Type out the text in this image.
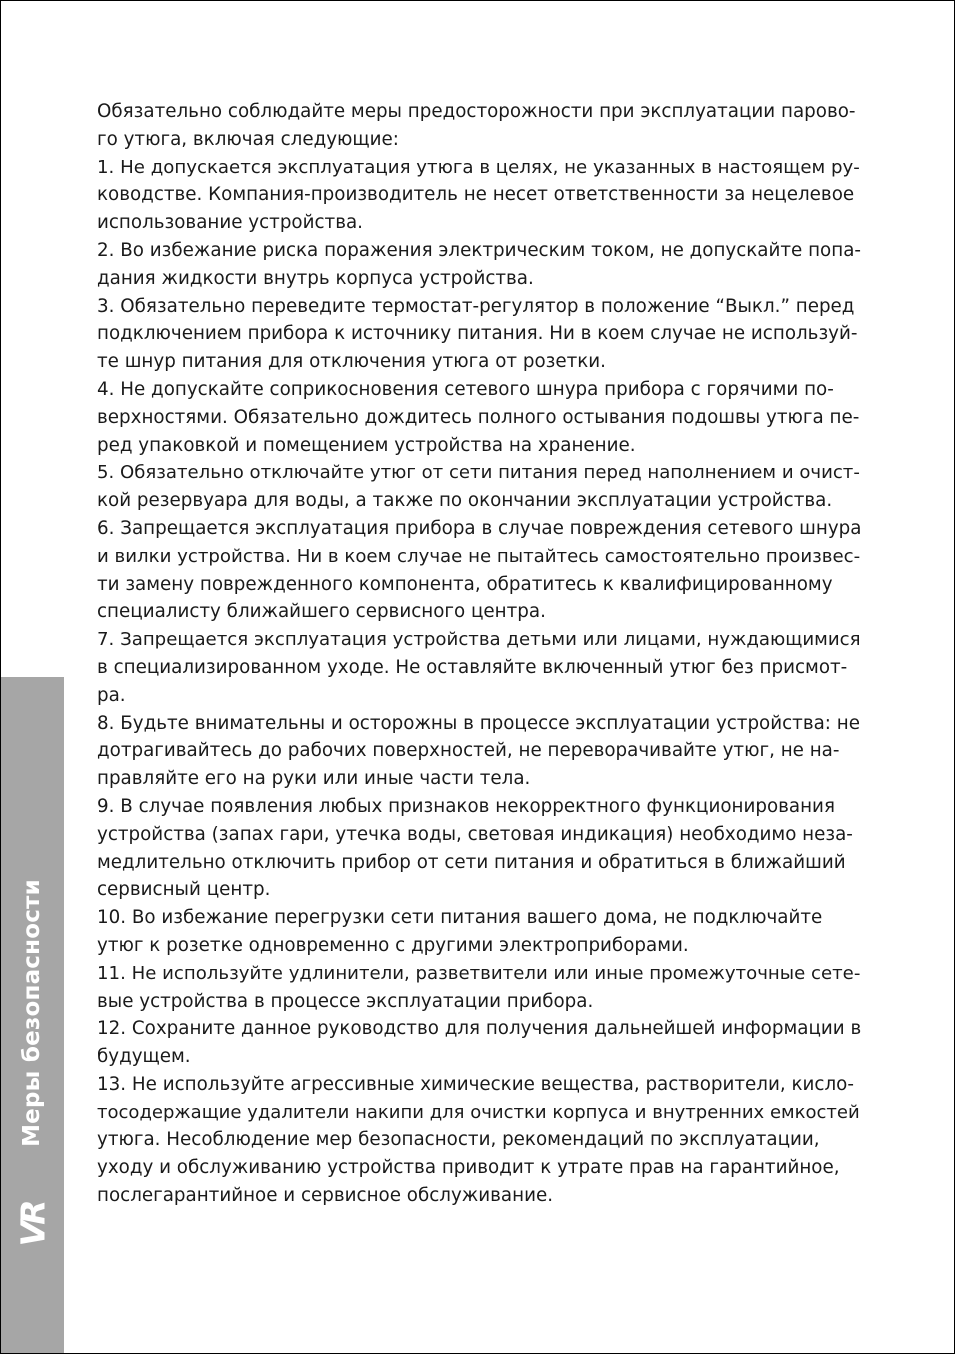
Меры безопасности
VR
Обязательно соблюдайте меры предосторожности при эксплуатации парово-
го утюга, включая следующие:
1. Не допускается эксплуатация утюга в целях, не указанных в настоящем ру-
ководстве. Компания-производитель не несет ответственности за нецелевое
использование устройства.
2. Во избежание риска поражения электрическим током, не допускайте попа-
дания жидкости внутрь корпуса устройства.
3. Обязательно переведите термостат-регулятор в положение “Выкл.” перед
подключением прибора к источнику питания. Ни в коем случае не используй-
те шнур питания для отключения утюга от розетки.
4. Не допускайте соприкосновения сетевого шнура прибора с горячими по-
верхностями. Обязательно дождитесь полного остывания подошвы утюга пе-
ред упаковкой и помещением устройства на хранение.
5. Обязательно отключайте утюг от сети питания перед наполнением и очист-
кой резервуара для воды, а также по окончании эксплуатации устройства.
6. Запрещается эксплуатация прибора в случае повреждения сетевого шнура
и вилки устройства. Ни в коем случае не пытайтесь самостоятельно произвес-
ти замену поврежденного компонента, обратитесь к квалифицированному
специалисту ближайшего сервисного центра.
7. Запрещается эксплуатация устройства детьми или лицами, нуждающимися
в специализированном уходе. Не оставляйте включенный утюг без присмот-
ра.
8. Будьте внимательны и осторожны в процессе эксплуатации устройства: не
дотрагивайтесь до рабочих поверхностей, не переворачивайте утюг, не на-
правляйте его на руки или иные части тела.
9. В случае появления любых признаков некорректного функционирования
устройства (запах гари, утечка воды, световая индикация) необходимо неза-
медлительно отключить прибор от сети питания и обратиться в ближайший
сервисный центр.
10. Во избежание перегрузки сети питания вашего дома, не подключайте
утюг к розетке одновременно с другими электроприборами.
11. Не используйте удлинители, разветвители или иные промежуточные сете-
вые устройства в процессе эксплуатации прибора.
12. Сохраните данное руководство для получения дальнейшей информации в
будущем.
13. Не используйте агрессивные химические вещества, растворители, кисло-
тосодержащие удалители накипи для очистки корпуса и внутренних емкостей
утюга. Несоблюдение мер безопасности, рекомендаций по эксплуатации,
уходу и обслуживанию устройства приводит к утрате прав на гарантийное,
послегарантийное и сервисное обслуживание.
